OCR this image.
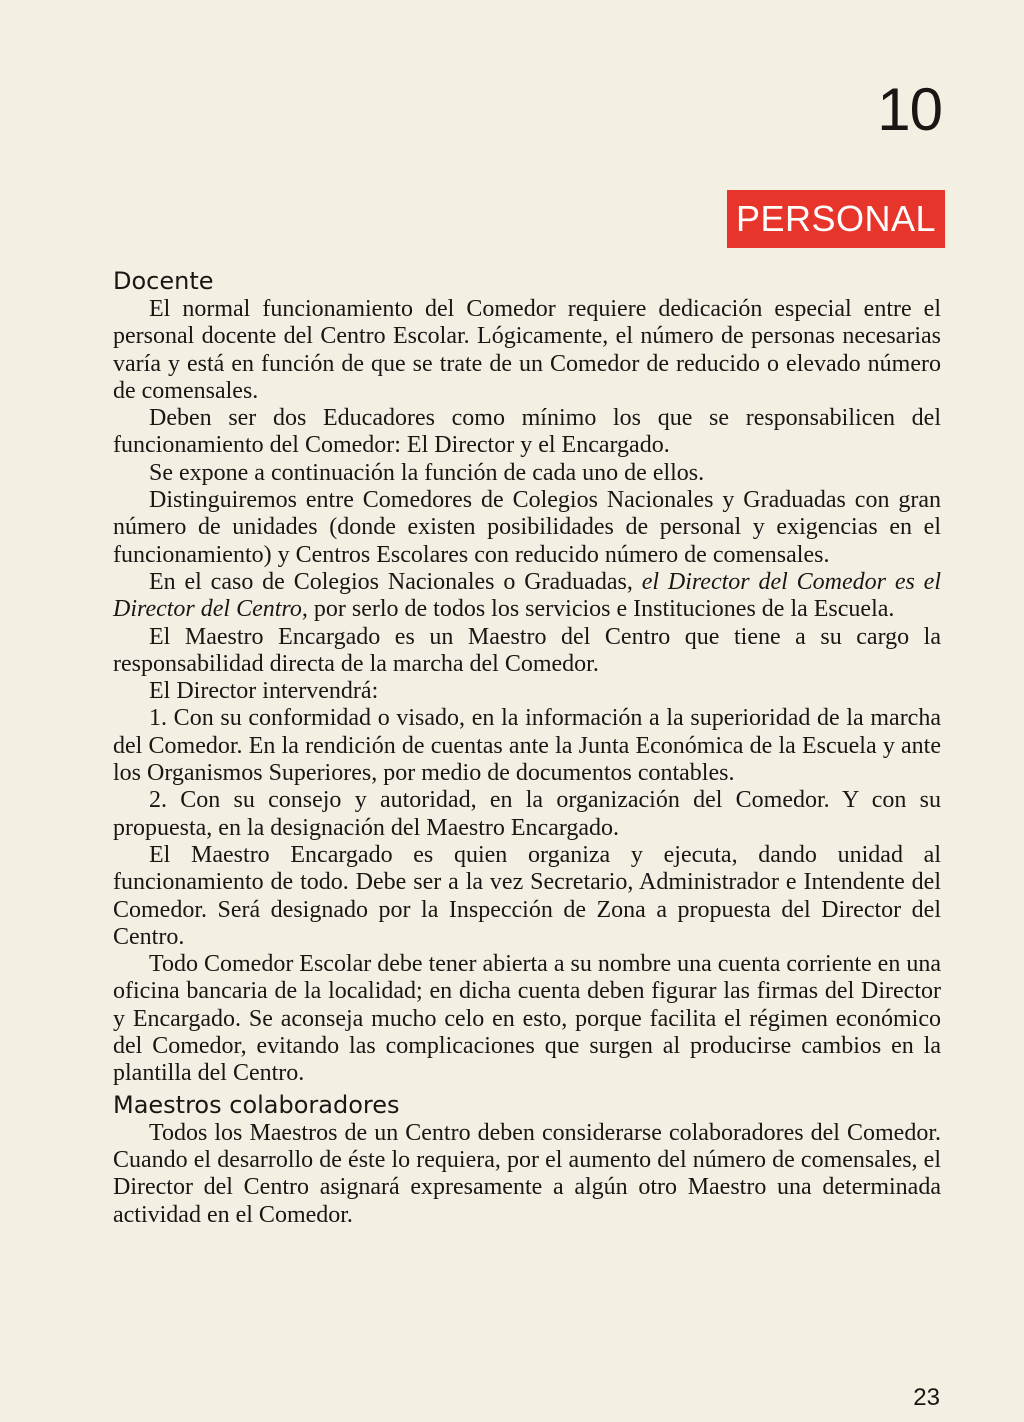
10
PERSONAL
Docente

El normal funcionamiento del Comedor requiere dedicación especial entre el personal docente del Centro Escolar. Lógicamente, el número de personas necesarias varía y está en función de que se trate de un Comedor de reducido o elevado número de comensales.

Deben ser dos Educadores como mínimo los que se responsabilicen del funcionamiento del Comedor: El Director y el Encargado.

Se expone a continuación la función de cada uno de ellos.

Distinguiremos entre Comedores de Colegios Nacionales y Graduadas con gran número de unidades (donde existen posibilidades de personal y exigencias en el funcionamiento) y Centros Escolares con reducido número de comensales.

En el caso de Colegios Nacionales o Graduadas, el Director del Comedor es el Director del Centro, por serlo de todos los servicios e Instituciones de la Escuela.

El Maestro Encargado es un Maestro del Centro que tiene a su cargo la responsabilidad directa de la marcha del Comedor.

El Director intervendrá:

1. Con su conformidad o visado, en la información a la superioridad de la marcha del Comedor. En la rendición de cuentas ante la Junta Económica de la Escuela y ante los Organismos Superiores, por medio de documentos contables.

2. Con su consejo y autoridad, en la organización del Comedor. Y con su propuesta, en la designación del Maestro Encargado.

El Maestro Encargado es quien organiza y ejecuta, dando unidad al funcionamiento de todo. Debe ser a la vez Secretario, Administrador e Intendente del Comedor. Será designado por la Inspección de Zona a propuesta del Director del Centro.

Todo Comedor Escolar debe tener abierta a su nombre una cuenta corriente en una oficina bancaria de la localidad; en dicha cuenta deben figurar las firmas del Director y Encargado. Se aconseja mucho celo en esto, porque facilita el régimen económico del Comedor, evitando las complicaciones que surgen al producirse cambios en la plantilla del Centro.

Maestros colaboradores

Todos los Maestros de un Centro deben considerarse colaboradores del Comedor. Cuando el desarrollo de éste lo requiera, por el aumento del número de comensales, el Director del Centro asignará expresamente a algún otro Maestro una determinada actividad en el Comedor.

23
